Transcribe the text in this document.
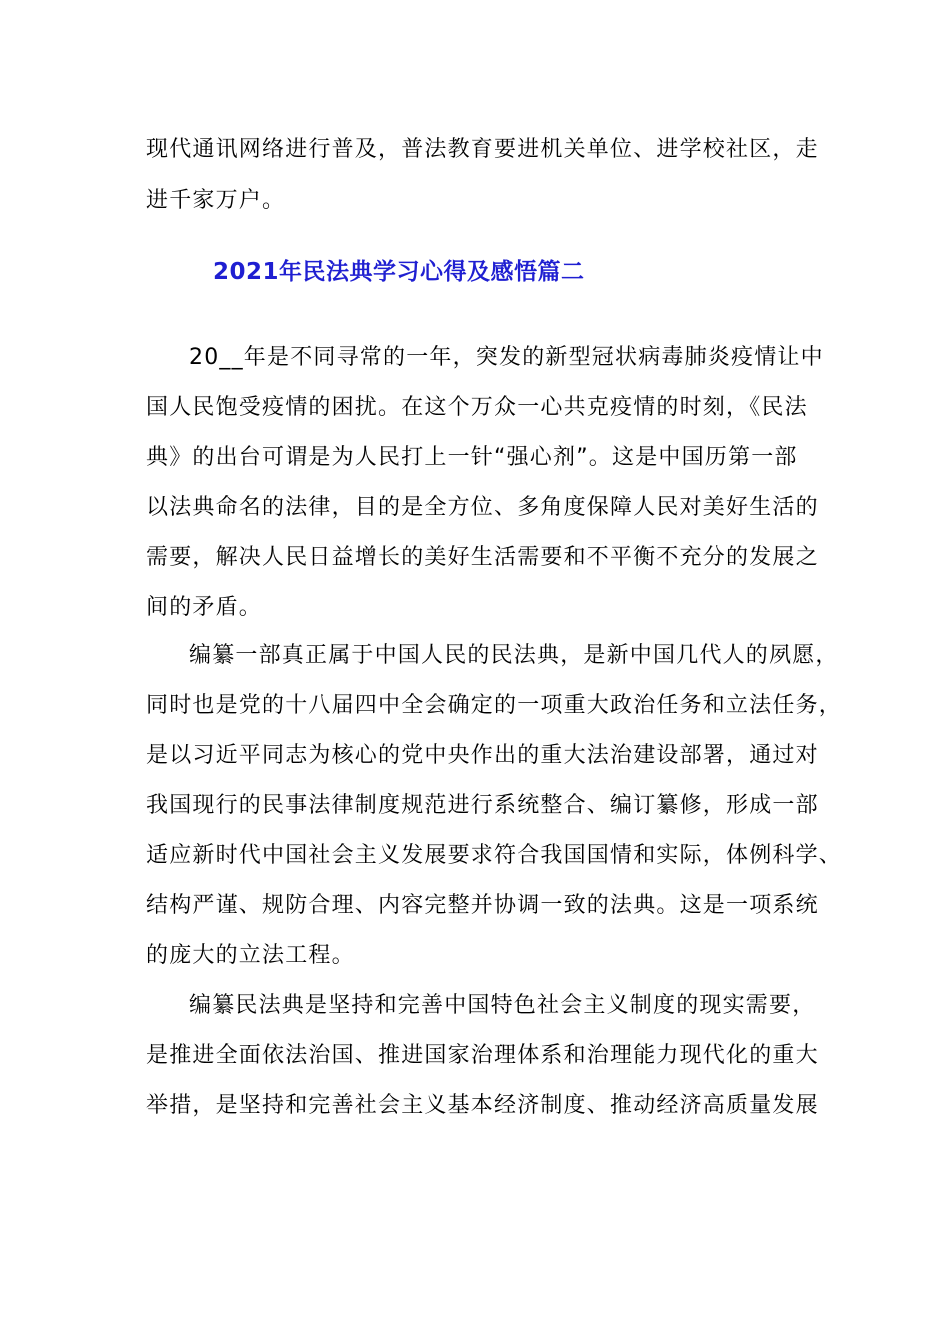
现代通讯网络进行普及，普法教育要进机关单位、进学校社区，走
进千家万户。
2021年民法典学习心得及感悟篇二
20__年是不同寻常的一年，突发的新型冠状病毒肺炎疫情让中
国人民饱受疫情的困扰。在这个万众一心共克疫情的时刻，《民法
典》的出台可谓是为人民打上一针“强心剂”。这是中国历第一部
以法典命名的法律，目的是全方位、多角度保障人民对美好生活的
需要，解决人民日益增长的美好生活需要和不平衡不充分的发展之
间的矛盾。
编纂一部真正属于中国人民的民法典，是新中国几代人的夙愿，
同时也是党的十八届四中全会确定的一项重大政治任务和立法任务，
是以习近平同志为核心的党中央作出的重大法治建设部署，通过对
我国现行的民事法律制度规范进行系统整合、编订纂修，形成一部
适应新时代中国社会主义发展要求符合我国国情和实际，体例科学、
结构严谨、规防合理、内容完整并协调一致的法典。这是一项系统
的庞大的立法工程。
编纂民法典是坚持和完善中国特色社会主义制度的现实需要，
是推进全面依法治国、推进国家治理体系和治理能力现代化的重大
举措，是坚持和完善社会主义基本经济制度、推动经济高质量发展
